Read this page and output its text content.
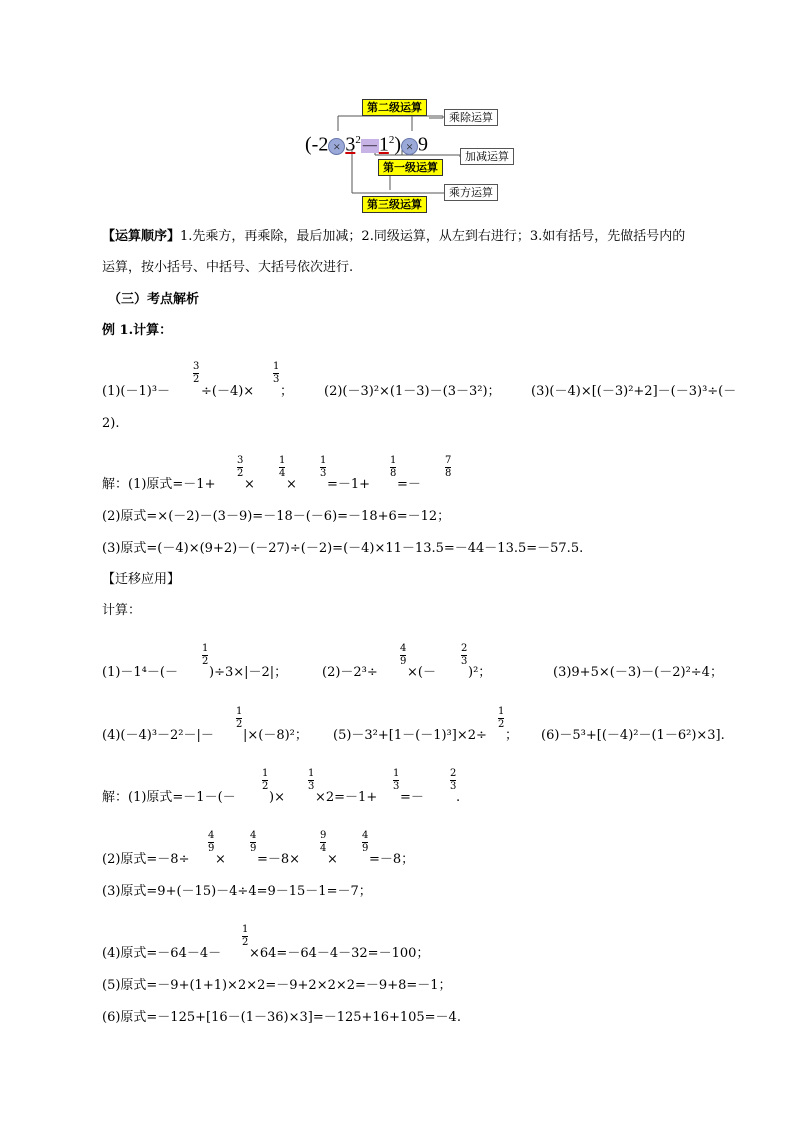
第二级运算
乘除运算
($-2 \times 3^2$ — $1^2) \times 9$
加减运算
第一级运算
乘方运算
第三级运算
【运算顺序】1.先乘方，再乘除，最后加减；2.同级运算，从左到右进行；3.如有括号，先做括号内的
运算，按小括号、中括号、大括号依次进行.
（三）考点解析
例 1.计算：
(1)(－1)³－
3
2
÷(－4)×
1
3
； (2)(－3)²×(1－3)－(3－3²)； (3)(－4)×[(－3)²+2]－(－3)³÷(－
2).
解：(1)原式=－1+
3
2
×
1
4
×
1
3
=－1+
1
8
=－
7
8
(2)原式=×(－2)－(3－9)=－18－(－6)=－18+6=－12；
(3)原式=(－4)×(9+2)－(－27)÷(－2)=(－4)×11－13.5=－44－13.5=－57.5.
【迁移应用】
计算：
(1)－1⁴－(－
1
2
)÷3×|－2|；	(2)－2³÷
4
9
×(－
2
3
)²；	(3)9+5×(－3)－(－2)²÷4；
(4)(－4)³－2²－|－
1
2
|×(－8)²； (5)－3²+[1－(－1)³]×2÷
1
2
； (6)－5³+[(－4)²－(1－6²)×3].
解：(1)原式=－1－(－
1
2
)×
1
3
×2=－1+
1
3
=－
2
3
.
(2)原式=－8÷
4
9
×
4
9
=－8×
9
4
×
4
9
=－8；
(3)原式=9+(－15)－4÷4=9－15－1=－7；
(4)原式=－64－4－
1
2
×64=－64－4－32=－100；
(5)原式=－9+(1+1)×2×2=－9+2×2×2=－9+8=－1；
(6)原式=－125+[16－(1－36)×3]=－125+16+105=－4.
